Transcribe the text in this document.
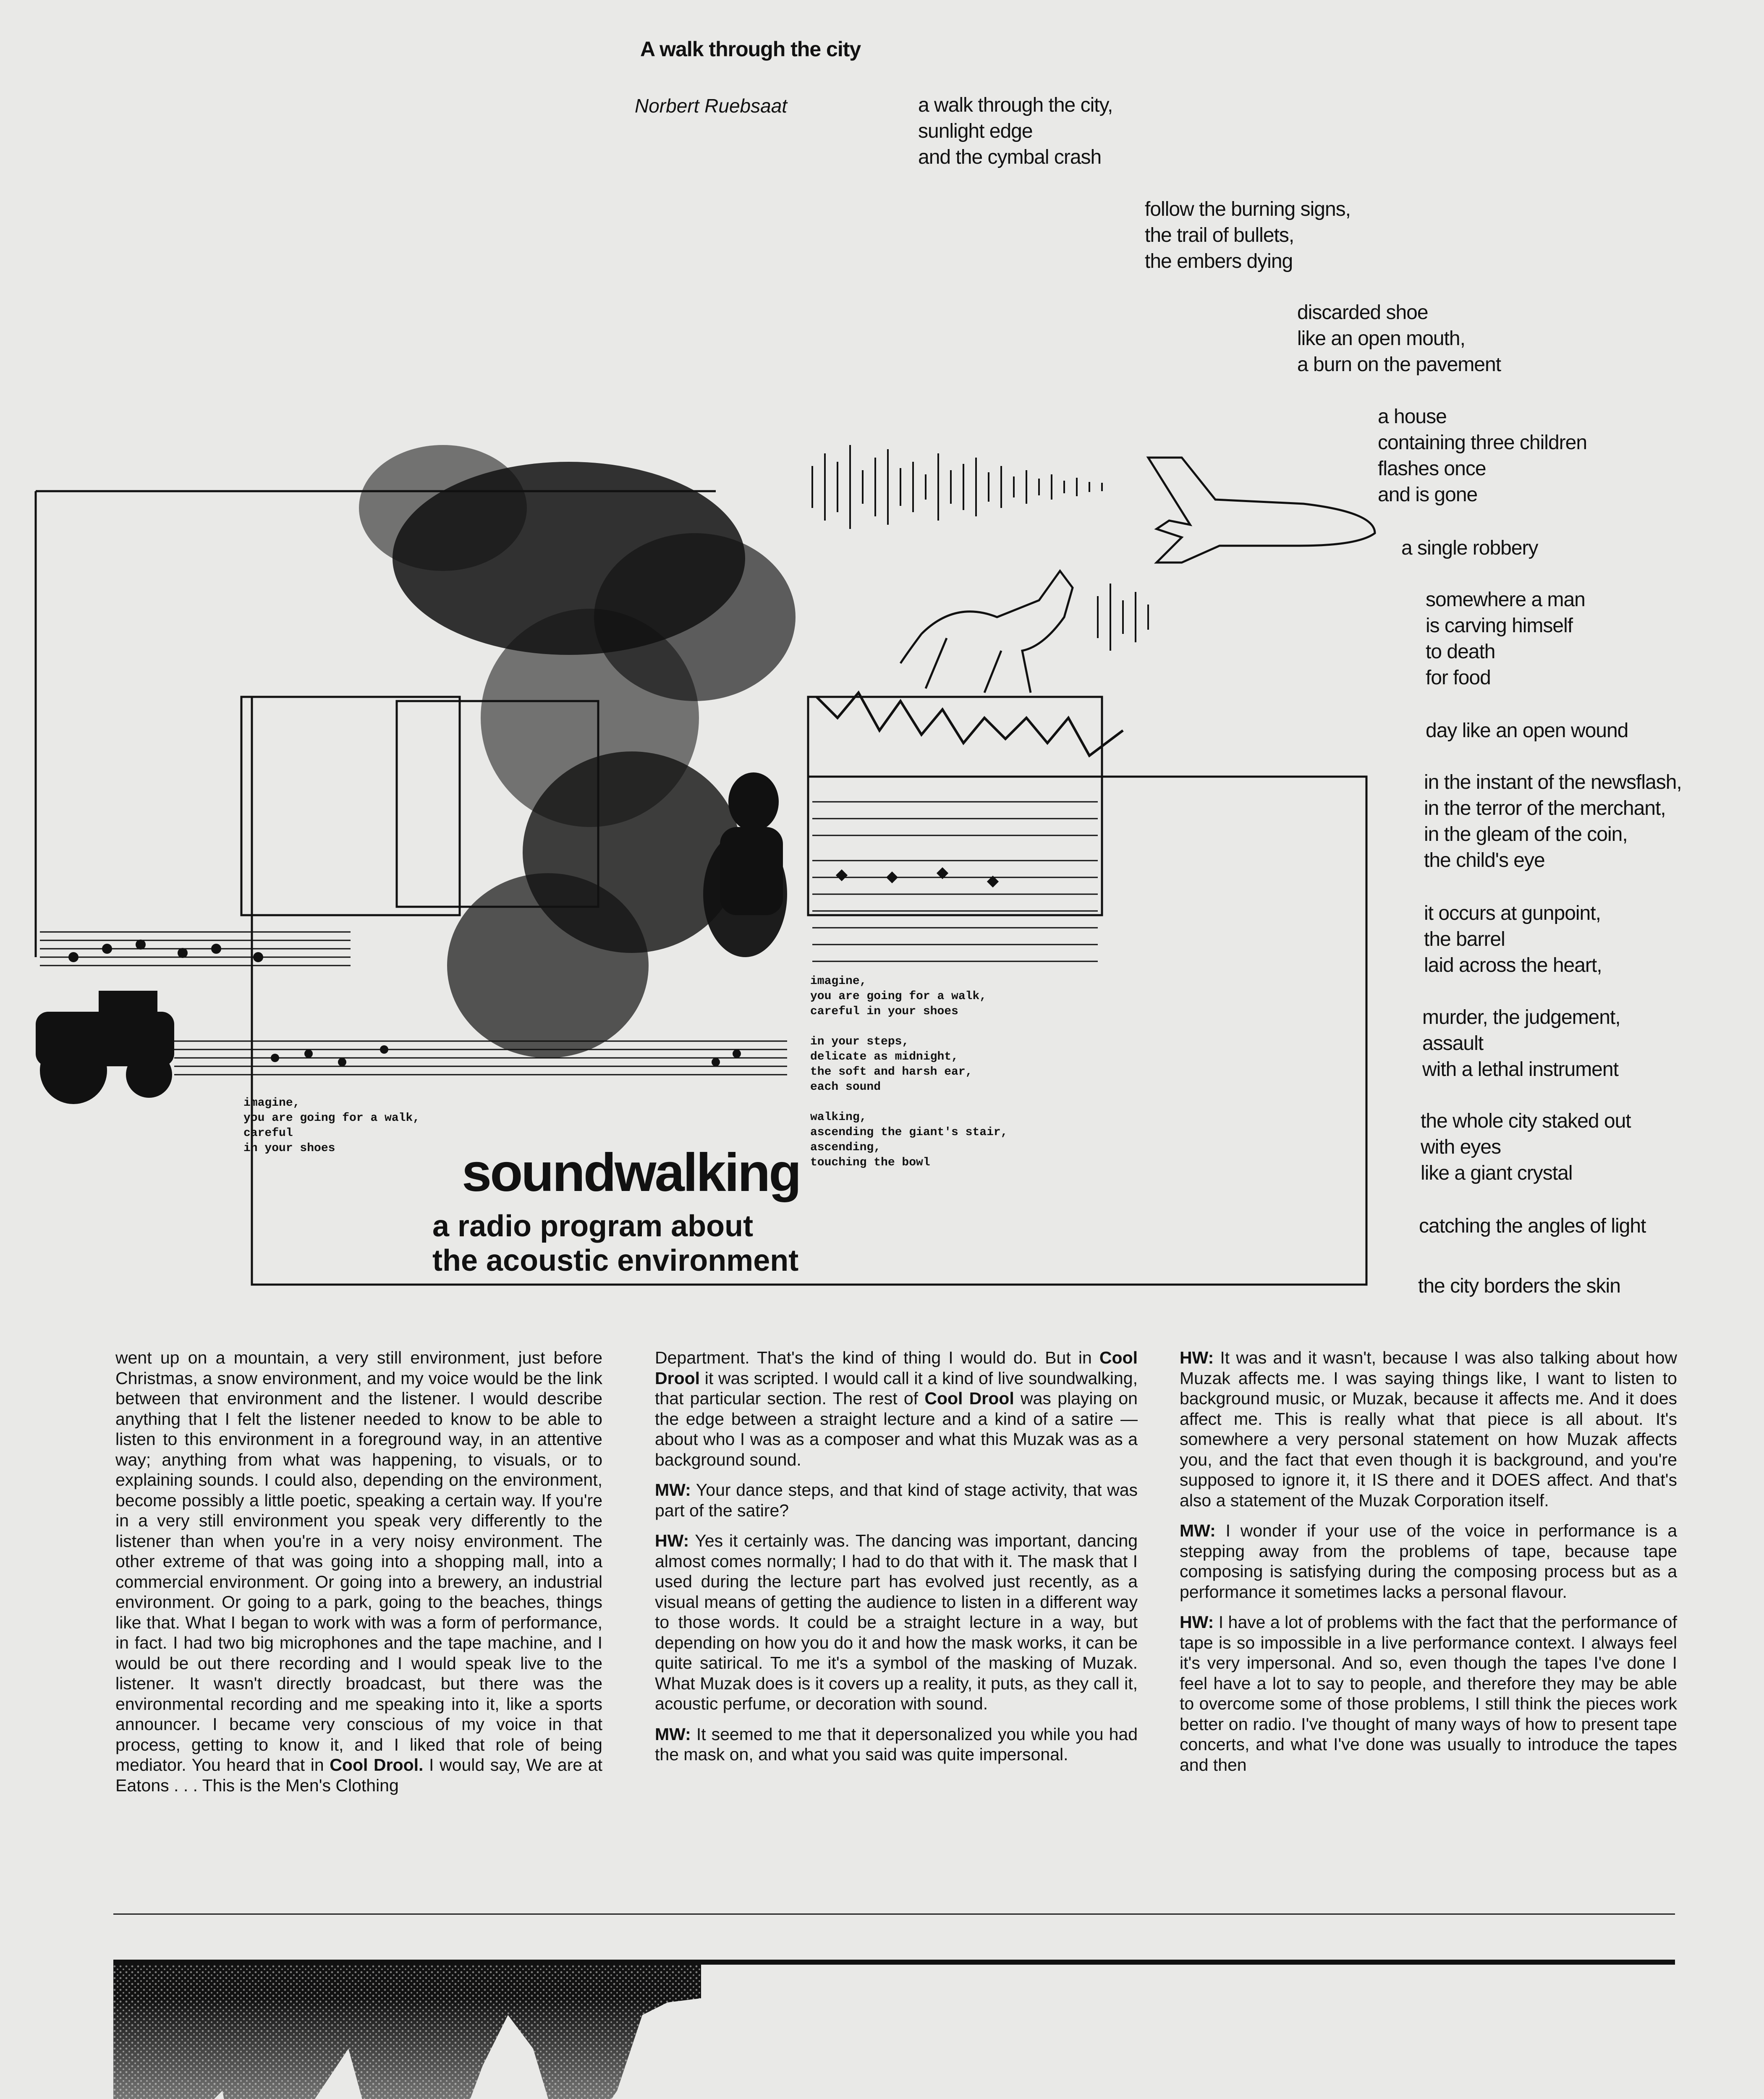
A walk through the city
Norbert Ruebsaat	a walk through the city,
sunlight edge
and the cymbal crash
follow the burning signs,
the trail of bullets,
the embers dying
discarded shoe
like an open mouth,
a burn on the pavement
a house
containing three children
flashes once
and is gone
a single robbery
somewhere a man
is carving himself
to death
for food
day like an open wound
in the instant of the newsflash,
in the terror of the merchant,
in the gleam of the coin,
the child's eye
it occurs at gunpoint,
the barrel
laid across the heart,
murder, the judgement,
assault
with a lethal instrument
the whole city staked out
with eyes
like a giant crystal
catching the angles of light
the city borders the skin
imagine,
you are going for a walk,
careful
in your shoes
imagine,
you are going for a walk,
careful in your shoes

in your steps,
delicate as midnight,
the soft and harsh ear,
each sound

walking,
ascending the giant's stair,
ascending,
touching the bowl
soundwalking
a radio program about
the acoustic environment

went up on a mountain, a very still environment, just before Christmas, a snow environment, and my voice would be the link between that environment and the listener. I would describe anything that I felt the listener needed to know to be able to listen to this environment in a foreground way, in an attentive way; anything from what was happening, to visuals, or to explaining sounds. I could also, depending on the environment, become possibly a little poetic, speaking a certain way. If you're in a very still environment you speak very differently to the listener than when you're in a very noisy environment. The other extreme of that was going into a shopping mall, into a commercial environment. Or going into a brewery, an industrial environment. Or going to a park, going to the beaches, things like that. What I began to work with was a form of performance, in fact. I had two big microphones and the tape machine, and I would be out there recording and I would speak live to the listener. It wasn't directly broadcast, but there was the environmental recording and me speaking into it, like a sports announcer. I became very conscious of my voice in that process, getting to know it, and I liked that role of being mediator. You heard that in Cool Drool. I would say, We are at Eatons . . . This is the Men's Clothing

Department. That's the kind of thing I would do. But in Cool Drool it was scripted. I would call it a kind of live soundwalking, that particular section. The rest of Cool Drool was playing on the edge between a straight lecture and a kind of a satire — about who I was as a composer and what this Muzak was as a background sound.

MW: Your dance steps, and that kind of stage activity, that was part of the satire?

HW: Yes it certainly was. The dancing was important, dancing almost comes normally; I had to do that with it. The mask that I used during the lecture part has evolved just recently, as a visual means of getting the audience to listen in a different way to those words. It could be a straight lecture in a way, but depending on how you do it and how the mask works, it can be quite satirical. To me it's a symbol of the masking of Muzak. What Muzak does is it covers up a reality, it puts, as they call it, acoustic perfume, or decoration with sound.

MW: It seemed to me that it depersonalized you while you had the mask on, and what you said was quite impersonal.

HW: It was and it wasn't, because I was also talking about how Muzak affects me. I was saying things like, I want to listen to background music, or Muzak, because it affects me. And it does affect me. This is really what that piece is all about. It's somewhere a very personal statement on how Muzak affects you, and the fact that even though it is background, and you're supposed to ignore it, it IS there and it DOES affect. And that's also a statement of the Muzak Corporation itself.

MW: I wonder if your use of the voice in performance is a stepping away from the problems of tape, because tape composing is satisfying during the composing process but as a performance it sometimes lacks a personal flavour.

HW: I have a lot of problems with the fact that the performance of tape is so impossible in a live performance context. I always feel it's very impersonal. And so, even though the tapes I've done I feel have a lot to say to people, and therefore they may be able to overcome some of those problems, I still think the pieces work better on radio. I've thought of many ways of how to present tape concerts, and what I've done was usually to introduce the tapes and then
